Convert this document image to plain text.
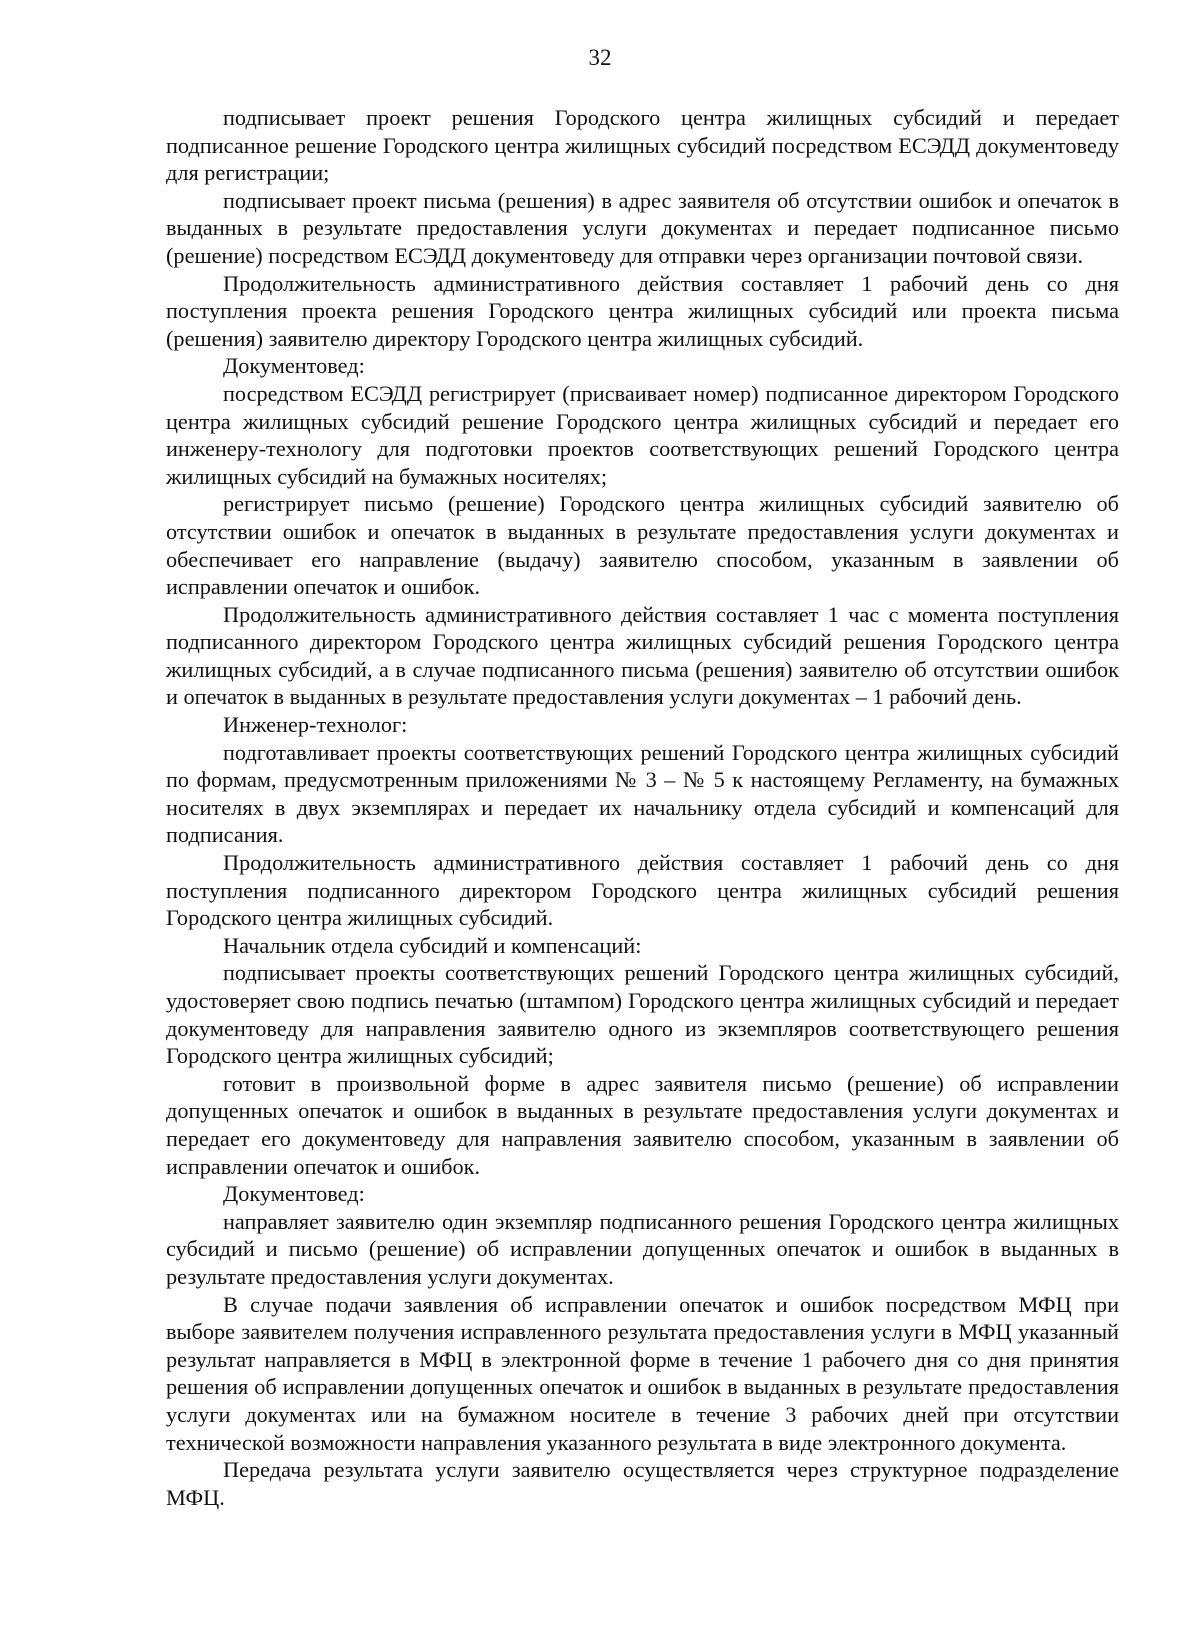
32

подписывает проект решения Городского центра жилищных субсидий и передает подписанное решение Городского центра жилищных субсидий посредством ЕСЭДД документоведу для регистрации;

подписывает проект письма (решения) в адрес заявителя об отсутствии ошибок и опечаток в выданных в результате предоставления услуги документах и передает подписанное письмо (решение) посредством ЕСЭДД документоведу для отправки через организации почтовой связи.

Продолжительность административного действия составляет 1 рабочий день со дня поступления проекта решения Городского центра жилищных субсидий или проекта письма (решения) заявителю директору Городского центра жилищных субсидий.

Документовед:

посредством ЕСЭДД регистрирует (присваивает номер) подписанное директором Городского центра жилищных субсидий решение Городского центра жилищных субсидий и передает его инженеру-технологу для подготовки проектов соответствующих решений Городского центра жилищных субсидий на бумажных носителях;

регистрирует письмо (решение) Городского центра жилищных субсидий заявителю об отсутствии ошибок и опечаток в выданных в результате предоставления услуги документах и обеспечивает его направление (выдачу) заявителю способом, указанным в заявлении об исправлении опечаток и ошибок.

Продолжительность административного действия составляет 1 час с момента поступления подписанного директором Городского центра жилищных субсидий решения Городского центра жилищных субсидий, а в случае подписанного письма (решения) заявителю об отсутствии ошибок и опечаток в выданных в результате предоставления услуги документах – 1 рабочий день.

Инженер-технолог:

подготавливает проекты соответствующих решений Городского центра жилищных субсидий по формам, предусмотренным приложениями № 3 – № 5 к настоящему Регламенту, на бумажных носителях в двух экземплярах и передает их начальнику отдела субсидий и компенсаций для подписания.

Продолжительность административного действия составляет 1 рабочий день со дня поступления подписанного директором Городского центра жилищных субсидий решения Городского центра жилищных субсидий.

Начальник отдела субсидий и компенсаций:

подписывает проекты соответствующих решений Городского центра жилищных субсидий, удостоверяет свою подпись печатью (штампом) Городского центра жилищных субсидий и передает документоведу для направления заявителю одного из экземпляров соответствующего решения Городского центра жилищных субсидий;

готовит в произвольной форме в адрес заявителя письмо (решение) об исправлении допущенных опечаток и ошибок в выданных в результате предоставления услуги документах и передает его документоведу для направления заявителю способом, указанным в заявлении об исправлении опечаток и ошибок.

Документовед:

направляет заявителю один экземпляр подписанного решения Городского центра жилищных субсидий и письмо (решение) об исправлении допущенных опечаток и ошибок в выданных в результате предоставления услуги документах.

В случае подачи заявления об исправлении опечаток и ошибок посредством МФЦ при выборе заявителем получения исправленного результата предоставления услуги в МФЦ указанный результат направляется в МФЦ в электронной форме в течение 1 рабочего дня со дня принятия решения об исправлении допущенных опечаток и ошибок в выданных в результате предоставления услуги документах или на бумажном носителе в течение 3 рабочих дней при отсутствии технической возможности направления указанного результата в виде электронного документа.

Передача результата услуги заявителю осуществляется через структурное подразделение МФЦ.
